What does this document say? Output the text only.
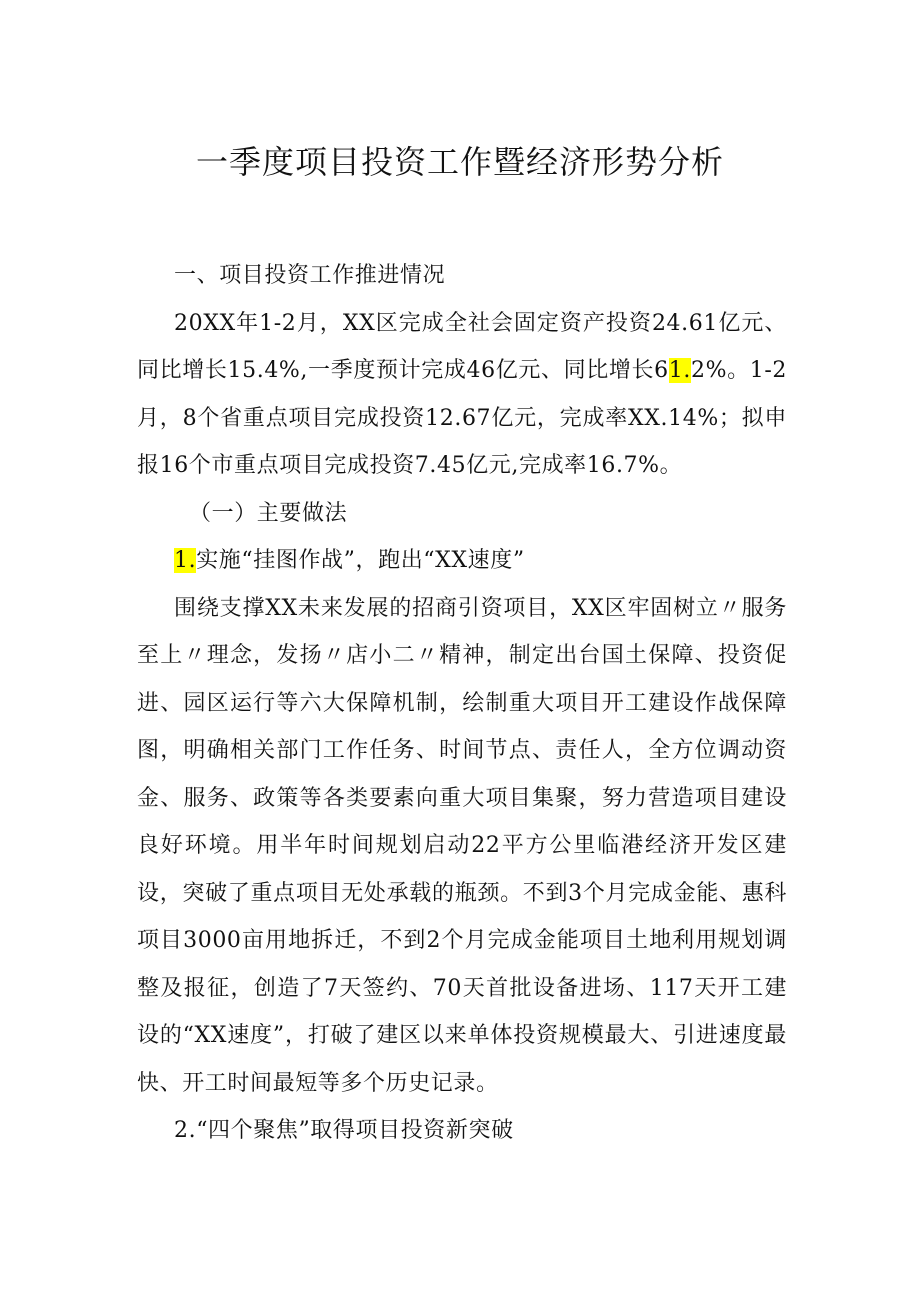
一季度项目投资工作暨经济形势分析
一、项目投资工作推进情况

20XX年1-2月，XX区完成全社会固定资产投资24.61亿元、同比增长15.4%,一季度预计完成46亿元、同比增长61.2%。1-2月，8个省重点项目完成投资12.67亿元，完成率XX.14%；拟申报16个市重点项目完成投资7.45亿元,完成率16.7%。

（一）主要做法
1.实施“挂图作战”，跑出“XX速度”

围绕支撑XX未来发展的招商引资项目，XX区牢固树立〃服务至上〃理念，发扬〃店小二〃精神，制定出台国土保障、投资促进、园区运行等六大保障机制，绘制重大项目开工建设作战保障图，明确相关部门工作任务、时间节点、责任人，全方位调动资金、服务、政策等各类要素向重大项目集聚，努力营造项目建设良好环境。用半年时间规划启动22平方公里临港经济开发区建设，突破了重点项目无处承载的瓶颈。不到3个月完成金能、惠科项目3000亩用地拆迁，不到2个月完成金能项目土地利用规划调整及报征，创造了7天签约、70天首批设备进场、117天开工建设的“XX速度”，打破了建区以来单体投资规模最大、引进速度最快、开工时间最短等多个历史记录。

2.“四个聚焦”取得项目投资新突破
